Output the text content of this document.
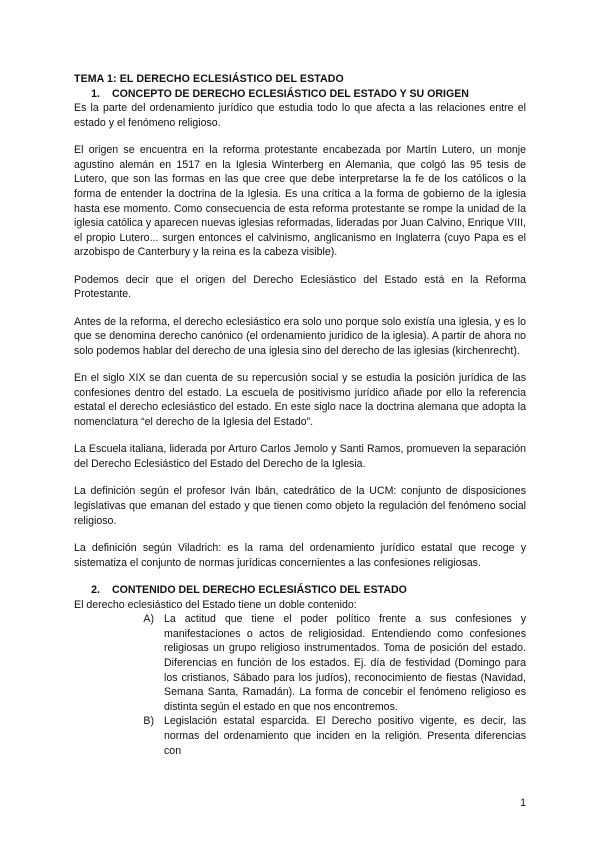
TEMA 1: EL DERECHO ECLESIÁSTICO DEL ESTADO

1.	CONCEPTO DE DERECHO ECLESIÁSTICO DEL ESTADO Y SU ORIGEN

Es la parte del ordenamiento jurídico que estudia todo lo que afecta a las relaciones entre el estado y el fenómeno religioso.

El origen se encuentra en la reforma protestante encabezada por Martín Lutero, un monje agustino alemán en 1517 en la Iglesia Winterberg en Alemania, que colgó las 95 tesis de Lutero, que son las formas en las que cree que debe interpretarse la fe de los católicos o la forma de entender la doctrina de la Iglesia. Es una crítica a la forma de gobierno de la iglesia hasta ese momento. Como consecuencia de esta reforma protestante se rompe la unidad de la iglesia católica y aparecen nuevas iglesias reformadas, lideradas por Juan Calvino, Enrique VIII, el propio Lutero... surgen entonces el calvinismo, anglicanismo en Inglaterra (cuyo Papa es el arzobispo de Canterbury y la reina es la cabeza visible).

Podemos decir que el origen del Derecho Eclesiástico del Estado está en la Reforma Protestante.

Antes de la reforma, el derecho eclesiástico era solo uno porque solo existía una iglesia, y es lo que se denomina derecho canónico (el ordenamiento jurídico de la iglesia). A partir de ahora no solo podemos hablar del derecho de una iglesia sino del derecho de las iglesias (kirchenrecht).

En el siglo XIX se dan cuenta de su repercusión social y se estudia la posición jurídica de las confesiones dentro del estado. La escuela de positivismo jurídico añade por ello la referencia estatal el derecho eclesiástico del estado. En este siglo nace la doctrina alemana que adopta la nomenclatura “el derecho de la Iglesia del Estado”.

La Escuela italiana, liderada por Arturo Carlos Jemolo y Santi Ramos, promueven la separación del Derecho Eclesiástico del Estado del Derecho de la Iglesia.

La definición según el profesor Iván Ibán, catedrático de la UCM: conjunto de disposiciones legislativas que emanan del estado y que tienen como objeto la regulación del fenómeno social religioso.

La definición según Viladrich: es la rama del ordenamiento jurídico estatal que recoge y sistematiza el conjunto de normas jurídicas concernientes a las confesiones religiosas.

2.	CONTENIDO DEL DERECHO ECLESIÁSTICO DEL ESTADO

El derecho eclesiástico del Estado tiene un doble contenido:

A) La actitud que tiene el poder político frente a sus confesiones y manifestaciones o actos de religiosidad. Entendiendo como confesiones religiosas un grupo religioso instrumentados. Toma de posición del estado. Diferencias en función de los estados. Ej. día de festividad (Domingo para los cristianos, Sábado para los judíos), reconocimiento de fiestas (Navidad, Semana Santa, Ramadán). La forma de concebir el fenómeno religioso es distinta según el estado en que nos encontremos.
B) Legislación estatal esparcida. El Derecho positivo vigente, es decir, las normas del ordenamiento que inciden en la religión. Presenta diferencias con
1
